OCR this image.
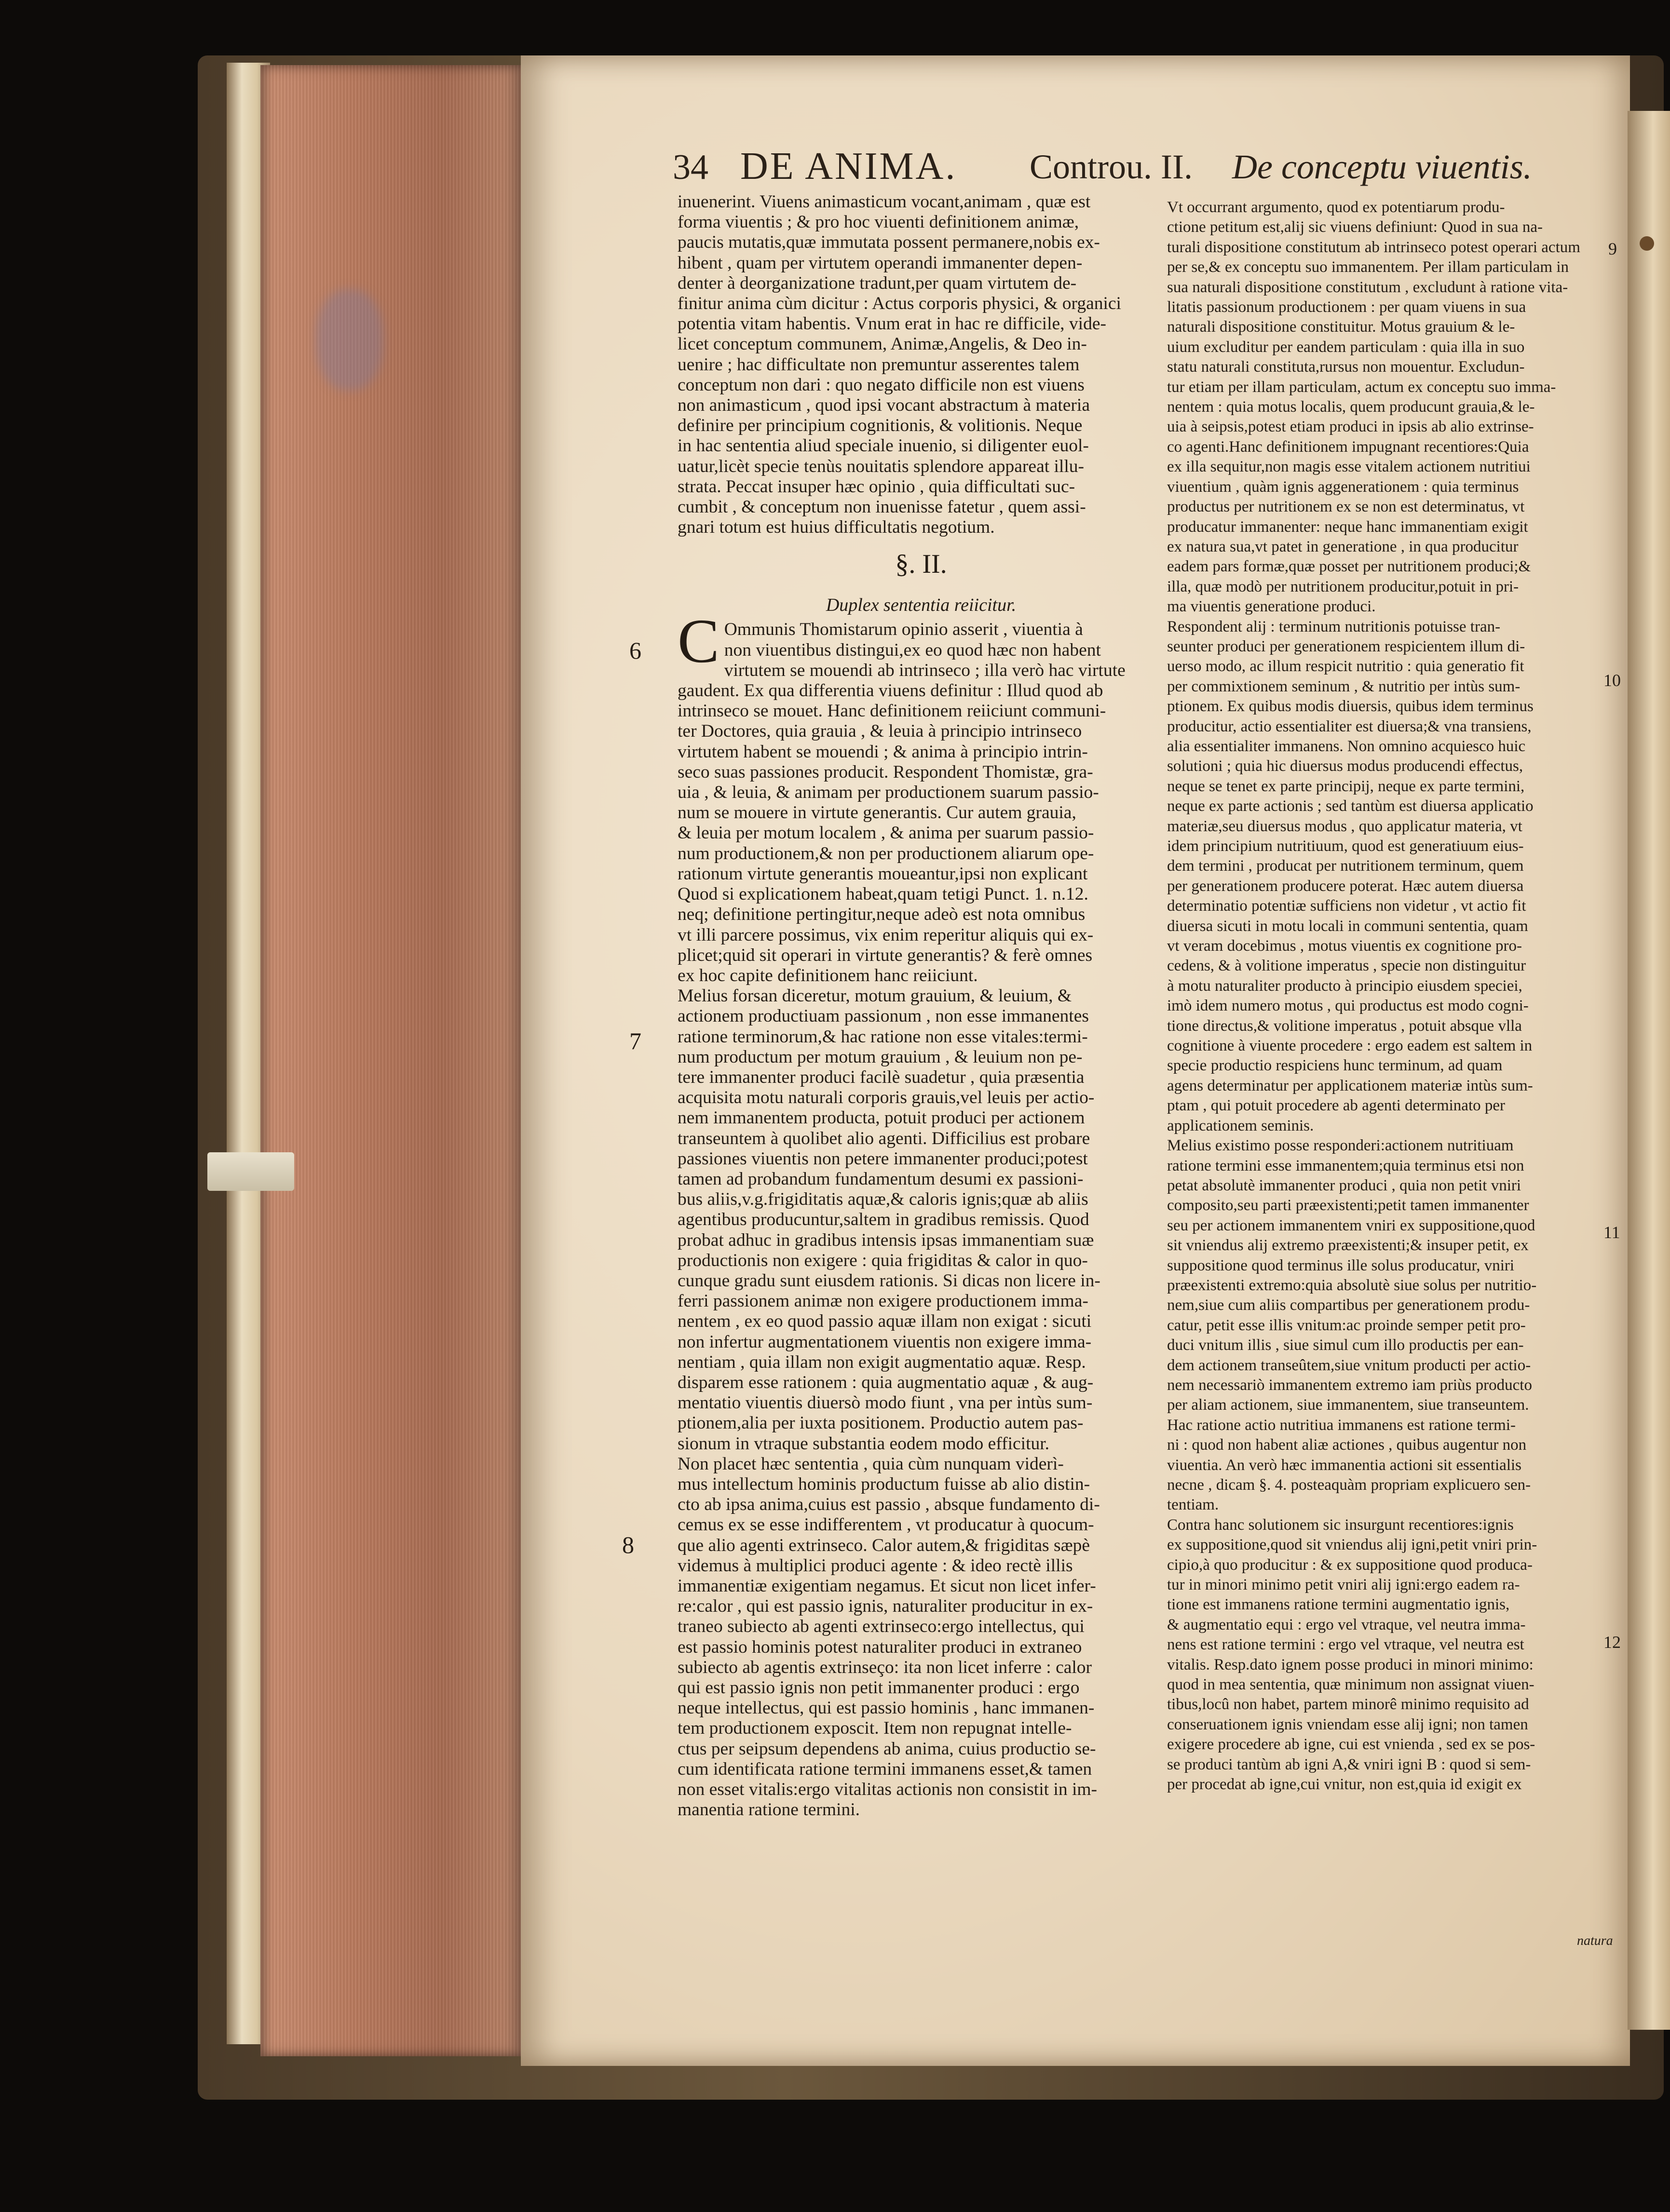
34 DE ANIMA. Controu. II. De conceptu viuentis.
inuenerint. Viuens animasticum vocant,animam , quæ est
forma viuentis ; & pro hoc viuenti definitionem animæ,
paucis mutatis,quæ immutata possent permanere,nobis ex-
hibent , quam per virtutem operandi immanenter depen-
denter à deorganizatione tradunt,per quam virtutem de-
finitur anima cùm dicitur : Actus corporis physici, & organici
potentia vitam habentis. Vnum erat in hac re difficile, vide-
licet conceptum communem, Animæ,Angelis, & Deo in-
uenire ; hac difficultate non premuntur asserentes talem
conceptum non dari : quo negato difficile non est viuens
non animasticum , quod ipsi vocant abstractum à materia
definire per principium cognitionis, & volitionis. Neque
in hac sententia aliud speciale inuenio, si diligenter euol-
uatur,licèt specie tenùs nouitatis splendore appareat illu-
strata. Peccat insuper hæc opinio , quia difficultati suc-
cumbit , & conceptum non inuenisse fatetur , quem assi-
gnari totum est huius difficultatis negotium.
§. II.
Duplex sententia reiicitur.
C Ommunis Thomistarum opinio asserit , viuentia à
non viuentibus distingui,ex eo quod hæc non habent
virtutem se mouendi ab intrinseco ; illa verò hac virtute
gaudent. Ex qua differentia viuens definitur : Illud quod ab
intrinseco se mouet. Hanc definitionem reiiciunt communi-
ter Doctores, quia grauia , & leuia à principio intrinseco
virtutem habent se mouendi ; & anima à principio intrin-
seco suas passiones producit. Respondent Thomistæ, gra-
uia , & leuia, & animam per productionem suarum passio-
num se mouere in virtute generantis. Cur autem grauia,
& leuia per motum localem , & anima per suarum passio-
num productionem,& non per productionem aliarum ope-
rationum virtute generantis moueantur,ipsi non explicant
Quod si explicationem habeat,quam tetigi Punct. 1. n.12.
neq; definitione pertingitur,neque adeò est nota omnibus
vt illi parcere possimus, vix enim reperitur aliquis qui ex-
plicet;quid sit operari in virtute generantis? & ferè omnes
ex hoc capite definitionem hanc reiiciunt.
Melius forsan diceretur, motum grauium, & leuium, &
actionem productiuam passionum , non esse immanentes
ratione terminorum,& hac ratione non esse vitales:termi-
num productum per motum grauium , & leuium non pe-
tere immanenter produci facilè suadetur , quia præsentia
acquisita motu naturali corporis grauis,vel leuis per actio-
nem immanentem producta, potuit produci per actionem
transeuntem à quolibet alio agenti. Difficilius est probare
passiones viuentis non petere immanenter produci;potest
tamen ad probandum fundamentum desumi ex passioni-
bus aliis,v.g.frigiditatis aquæ,& caloris ignis;quæ ab aliis
agentibus producuntur,saltem in gradibus remissis. Quod
probat adhuc in gradibus intensis ipsas immanentiam suæ
productionis non exigere : quia frigiditas & calor in quo-
cunque gradu sunt eiusdem rationis. Si dicas non licere in-
ferri passionem animæ non exigere productionem imma-
nentem , ex eo quod passio aquæ illam non exigat : sicuti
non infertur augmentationem viuentis non exigere imma-
nentiam , quia illam non exigit augmentatio aquæ. Resp.
disparem esse rationem : quia augmentatio aquæ , & aug-
mentatio viuentis diuersò modo fiunt , vna per intùs sum-
ptionem,alia per iuxta positionem. Productio autem pas-
sionum in vtraque substantia eodem modo efficitur.
Non placet hæc sententia , quia cùm nunquam viderì-
mus intellectum hominis productum fuisse ab alio distin-
cto ab ipsa anima,cuius est passio , absque fundamento di-
cemus ex se esse indifferentem , vt producatur à quocum-
que alio agenti extrinseco. Calor autem,& frigiditas sæpè
videmus à multiplici produci agente : & ideo rectè illis
immanentiæ exigentiam negamus. Et sicut non licet infer-
re:calor , qui est passio ignis, naturaliter producitur in ex-
traneo subiecto ab agenti extrinseco:ergo intellectus, qui
est passio hominis potest naturaliter produci in extraneo
subiecto ab agentis extrinseço: ita non licet inferre : calor
qui est passio ignis non petit immanenter produci : ergo
neque intellectus, qui est passio hominis , hanc immanen-
tem productionem exposcit. Item non repugnat intelle-
ctus per seipsum dependens ab anima, cuius productio se-
cum identificata ratione termini immanens esset,& tamen
non esset vitalis:ergo vitalitas actionis non consistit in im-
manentia ratione termini.
Vt occurrant argumento, quod ex potentiarum produ-
ctione petitum est,alij sic viuens definiunt: Quod in sua na-
turali dispositione constitutum ab intrinseco potest operari actum
per se,& ex conceptu suo immanentem. Per illam particulam in
sua naturali dispositione constitutum , excludunt à ratione vita-
litatis passionum productionem : per quam viuens in sua
naturali dispositione constituitur. Motus grauium & le-
uium excluditur per eandem particulam : quia illa in suo
statu naturali constituta,rursus non mouentur. Excludun-
tur etiam per illam particulam, actum ex conceptu suo imma-
nentem : quia motus localis, quem producunt grauia,& le-
uia à seipsis,potest etiam produci in ipsis ab alio extrinse-
co agenti.Hanc definitionem impugnant recentiores:Quia
ex illa sequitur,non magis esse vitalem actionem nutritiui
viuentium , quàm ignis aggenerationem : quia terminus
productus per nutritionem ex se non est determinatus, vt
producatur immanenter: neque hanc immanentiam exigit
ex natura sua,vt patet in generatione , in qua producitur
eadem pars formæ,quæ posset per nutritionem produci;&
illa, quæ modò per nutritionem producitur,potuit in pri-
ma viuentis generatione produci.
Respondent alij : terminum nutritionis potuisse tran-
seunter produci per generationem respicientem illum di-
uerso modo, ac illum respicit nutritio : quia generatio fit
per commixtionem seminum , & nutritio per intùs sum-
ptionem. Ex quibus modis diuersis, quibus idem terminus
producitur, actio essentialiter est diuersa;& vna transiens,
alia essentialiter immanens. Non omnino acquiesco huic
solutioni ; quia hic diuersus modus producendi effectus,
neque se tenet ex parte principij, neque ex parte termini,
neque ex parte actionis ; sed tantùm est diuersa applicatio
materiæ,seu diuersus modus , quo applicatur materia, vt
idem principium nutritiuum, quod est generatiuum eius-
dem termini , producat per nutritionem terminum, quem
per generationem producere poterat. Hæc autem diuersa
determinatio potentiæ sufficiens non videtur , vt actio fit
diuersa sicuti in motu locali in communi sententia, quam
vt veram docebimus , motus viuentis ex cognitione pro-
cedens, & à volitione imperatus , specie non distinguitur
à motu naturaliter producto à principio eiusdem speciei,
imò idem numero motus , qui productus est modo cogni-
tione directus,& volitione imperatus , potuit absque vlla
cognitione à viuente procedere : ergo eadem est saltem in
specie productio respiciens hunc terminum, ad quam
agens determinatur per applicationem materiæ intùs sum-
ptam , qui potuit procedere ab agenti determinato per
applicationem seminis.
Melius existimo posse responderi:actionem nutritiuam
ratione termini esse immanentem;quia terminus etsi non
petat absolutè immanenter produci , quia non petit vniri
composito,seu parti præexistenti;petit tamen immanenter
seu per actionem immanentem vniri ex suppositione,quod
sit vniendus alij extremo præexistenti;& insuper petit, ex
suppositione quod terminus ille solus producatur, vniri
præexistenti extremo:quia absolutè siue solus per nutritio-
nem,siue cum aliis compartibus per generationem produ-
catur, petit esse illis vnitum:ac proinde semper petit pro-
duci vnitum illis , siue simul cum illo productis per ean-
dem actionem transeûtem,siue vnitum producti per actio-
nem necessariò immanentem extremo iam priùs producto
per aliam actionem, siue immanentem, siue transeuntem.
Hac ratione actio nutritiua immanens est ratione termi-
ni : quod non habent aliæ actiones , quibus augentur non
viuentia. An verò hæc immanentia actioni sit essentialis
necne , dicam §. 4. posteaquàm propriam explicuero sen-
tentiam.
Contra hanc solutionem sic insurgunt recentiores:ignis
ex suppositione,quod sit vniendus alij igni,petit vniri prin-
cipio,à quo producitur : & ex suppositione quod produca-
tur in minori minimo petit vniri alij igni:ergo eadem ra-
tione est immanens ratione termini augmentatio ignis,
& augmentatio equi : ergo vel vtraque, vel neutra imma-
nens est ratione termini : ergo vel vtraque, vel neutra est
vitalis. Resp.dato ignem posse produci in minori minimo:
quod in mea sententia, quæ minimum non assignat viuen-
tibus,locû non habet, partem minorê minimo requisito ad
conseruationem ignis vniendam esse alij igni; non tamen
exigere procedere ab igne, cui est vnienda , sed ex se pos-
se produci tantùm ab igni A,& vniri igni B : quod si sem-
per procedat ab igne,cui vnitur, non est,quia id exigit ex
6
7
8
9
10
11
12
natura
